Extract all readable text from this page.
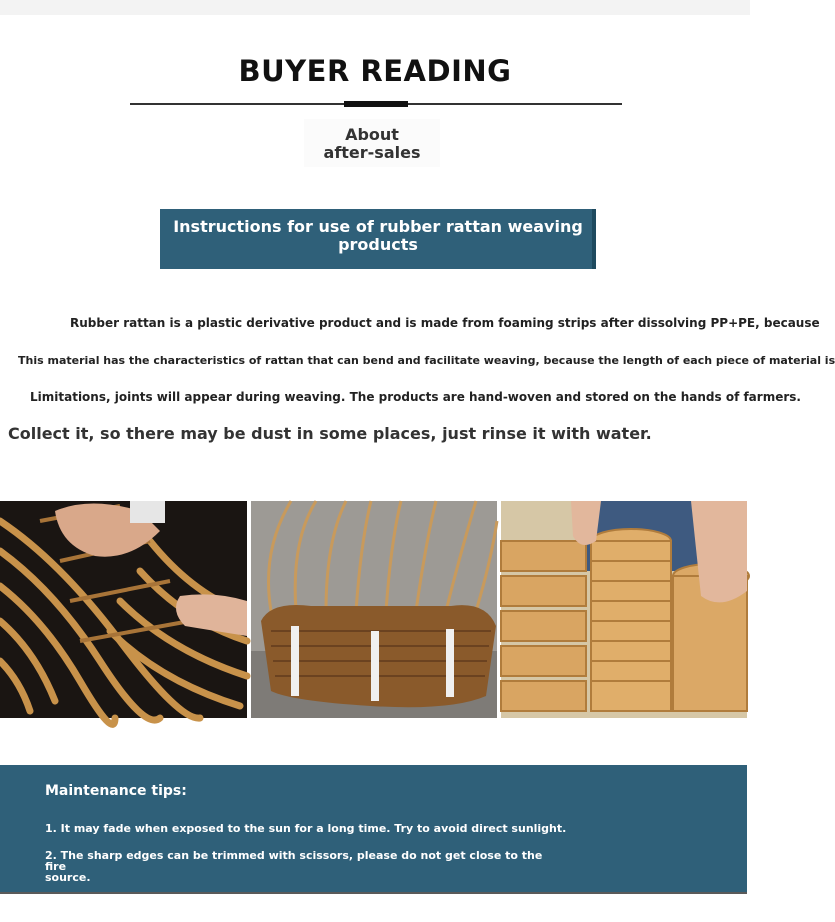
BUYER READING
About
after-sales
Instructions for use of rubber rattan weaving
products
Rubber rattan is a plastic derivative product and is made from foaming strips after dissolving PP+PE, because
This material has the characteristics of rattan that can bend and facilitate weaving, because the length of each piece of material is
Limitations, joints will appear during weaving. The products are hand-woven and stored on the hands of farmers.
Collect it, so there may be dust in some places, just rinse it with water.
Maintenance tips:
1. It may fade when exposed to the sun for a long time. Try to avoid direct sunlight.
2. The sharp edges can be trimmed with scissors, please do not get close to the fire
source.
